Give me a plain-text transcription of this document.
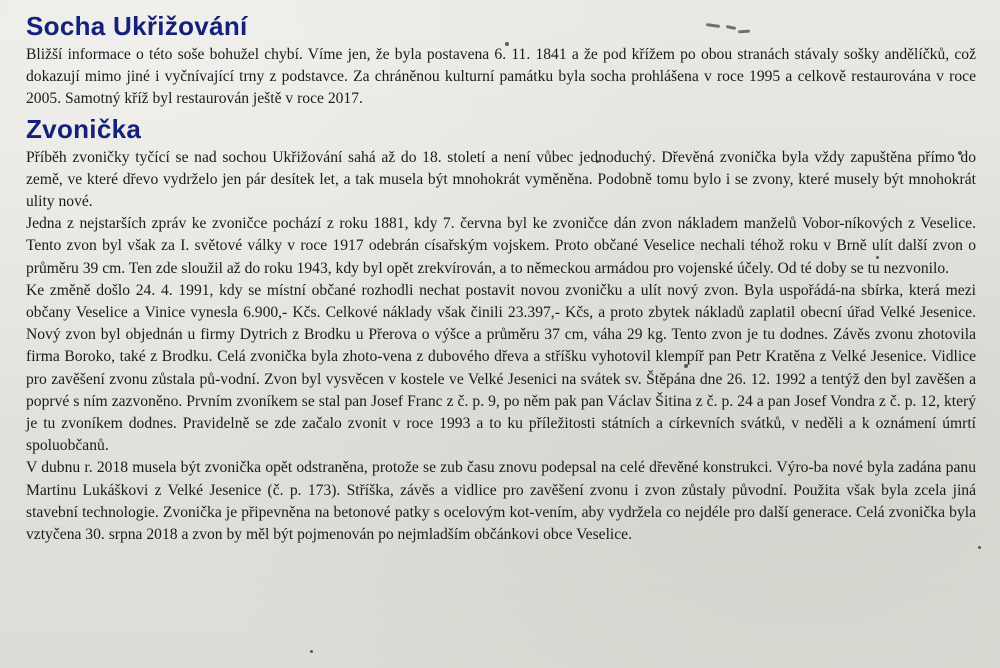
Socha Ukřižování

Bližší informace o této soše bohužel chybí. Víme jen, že byla postavena 6. 11. 1841 a že pod křížem po obou stranách stávaly sošky andělíčků, což dokazují mimo jiné i vyčnívající trny z podstavce. Za chráněnou kulturní památku byla socha prohlášena v roce 1995 a celkově restaurována v roce 2005. Samotný kříž byl restaurován ještě v roce 2017.

Zvonička

Příběh zvoničky tyčící se nad sochou Ukřižování sahá až do 18. století a není vůbec jednoduchý. Dřevěná zvonička byla vždy zapuštěna přímo do země, ve které dřevo vydrželo jen pár desítek let, a tak musela být mnohokrát vyměněna. Podobně tomu bylo i se zvony, které musely být mnohokrát ulity nové.

Jedna z nejstarších zpráv ke zvoničce pochází z roku 1881, kdy 7. června byl ke zvoničce dán zvon nákladem manželů Vobor-níkových z Veselice. Tento zvon byl však za I. světové války v roce 1917 odebrán císařským vojskem. Proto občané Veselice nechali téhož roku v Brně ulít další zvon o průměru 39 cm. Ten zde sloužil až do roku 1943, kdy byl opět zrekvírován, a to německou armádou pro vojenské účely. Od té doby se tu nezvonilo.

Ke změně došlo 24. 4. 1991, kdy se místní občané rozhodli nechat postavit novou zvoničku a ulít nový zvon. Byla uspořádá-na sbírka, která mezi občany Veselice a Vinice vynesla 6.900,- Kčs. Celkové náklady však činili 23.397,- Kčs, a proto zbytek nákladů zaplatil obecní úřad Velké Jesenice. Nový zvon byl objednán u firmy Dytrich z Brodku u Přerova o výšce a průměru 37 cm, váha 29 kg. Tento zvon je tu dodnes. Závěs zvonu zhotovila firma Boroko, také z Brodku. Celá zvonička byla zhoto-vena z dubového dřeva a stříšku vyhotovil klempíř pan Petr Kratěna z Velké Jesenice. Vidlice pro zavěšení zvonu zůstala pů-vodní. Zvon byl vysvěcen v kostele ve Velké Jesenici na svátek sv. Štěpána dne 26. 12. 1992 a tentýž den byl zavěšen a poprvé s ním zazvoněno. Prvním zvoníkem se stal pan Josef Franc z č. p. 9, po něm pak pan Václav Šitina z č. p. 24 a pan Josef Vondra z č. p. 12, který je tu zvoníkem dodnes. Pravidelně se zde začalo zvonit v roce 1993 a to ku příležitosti státních a církevních svátků, v neděli a k oznámení úmrtí spoluobčanů.

V dubnu r. 2018 musela být zvonička opět odstraněna, protože se zub času znovu podepsal na celé dřevěné konstrukci. Výro-ba nové byla zadána panu Martinu Lukáškovi z Velké Jesenice (č. p. 173). Stříška, závěs a vidlice pro zavěšení zvonu i zvon zůstaly původní. Použita však byla zcela jiná stavební technologie. Zvonička je připevněna na betonové patky s ocelovým kot-vením, aby vydržela co nejdéle pro další generace. Celá zvonička byla vztyčena 30. srpna 2018 a zvon by měl být pojmenován po nejmladším občánkovi obce Veselice.
